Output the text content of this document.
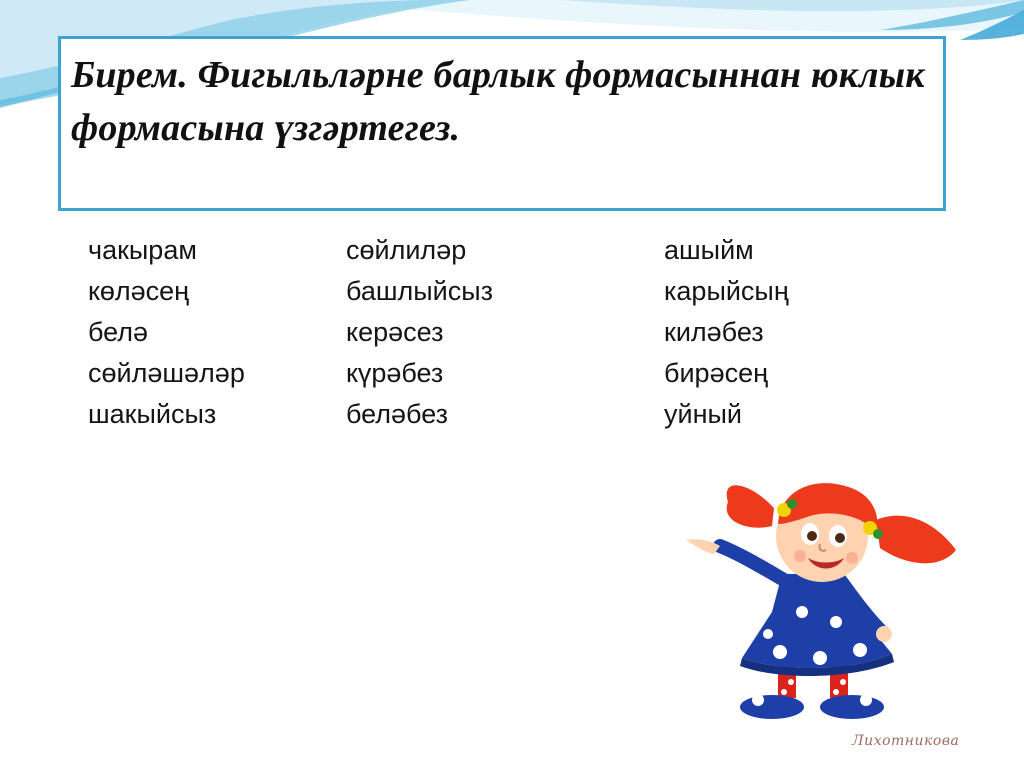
Бирем. Фигыльләрне барлык формасыннан юклык формасына үзгәртегез.

чакырам
көләсең
белә
сөйләшәләр
шакыйсыз
сөйлиләр
башлыйсыз
керәсез
күрәбез
беләбез
ашыйм
карыйсың
киләбез
бирәсең
уйный
Лихотникова
